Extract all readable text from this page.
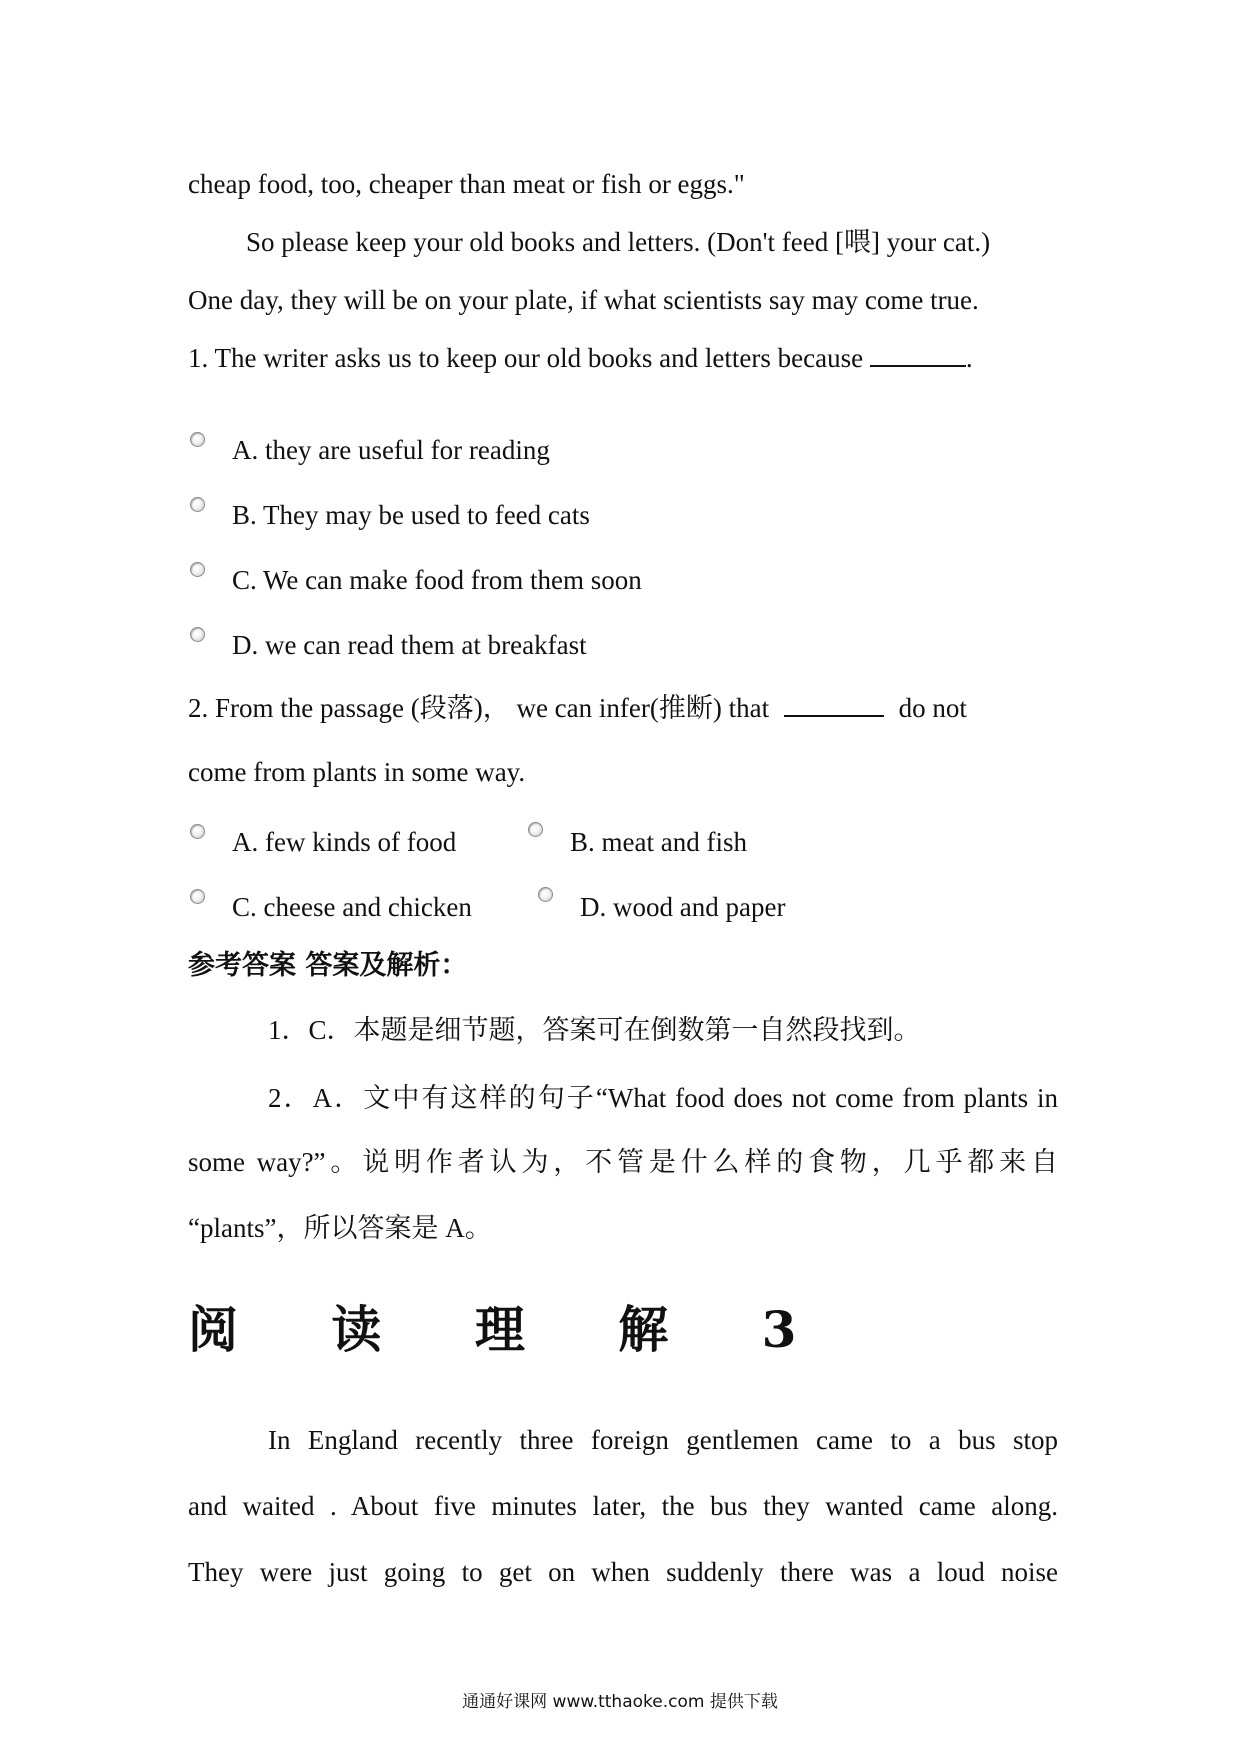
cheap food, too, cheaper than meat or fish or eggs."
So please keep your old books and letters. (Don't feed [喂] your cat.)
One day, they will be on your plate, if what scientists say may come true.
1. The writer asks us to keep our old books and letters because	.
A. they are useful for reading
B. They may be used to feed cats
C. We can make food from them soon
D. we can read them at breakfast
2. From the passage (段落)， we can infer(推断) that	do not
come from plants in some way.
A. few kinds of food	B. meat and fish
C. cheese and chicken	D. wood and paper
参考答案 答案及解析：
1．C．本题是细节题，答案可在倒数第一自然段找到。
2．A．文中有这样的句子“What food does not come from plants in
some way?”。说明作者认为，不管是什么样的食物，几乎都来自
“plants”，所以答案是 A。
阅 读 理 解 3
In England recently three foreign gentlemen came to a bus stop
and waited . About five minutes later, the bus they wanted came along.
They were just going to get on when suddenly there was a loud noise
通通好课网 www.tthaoke.com 提供下载
